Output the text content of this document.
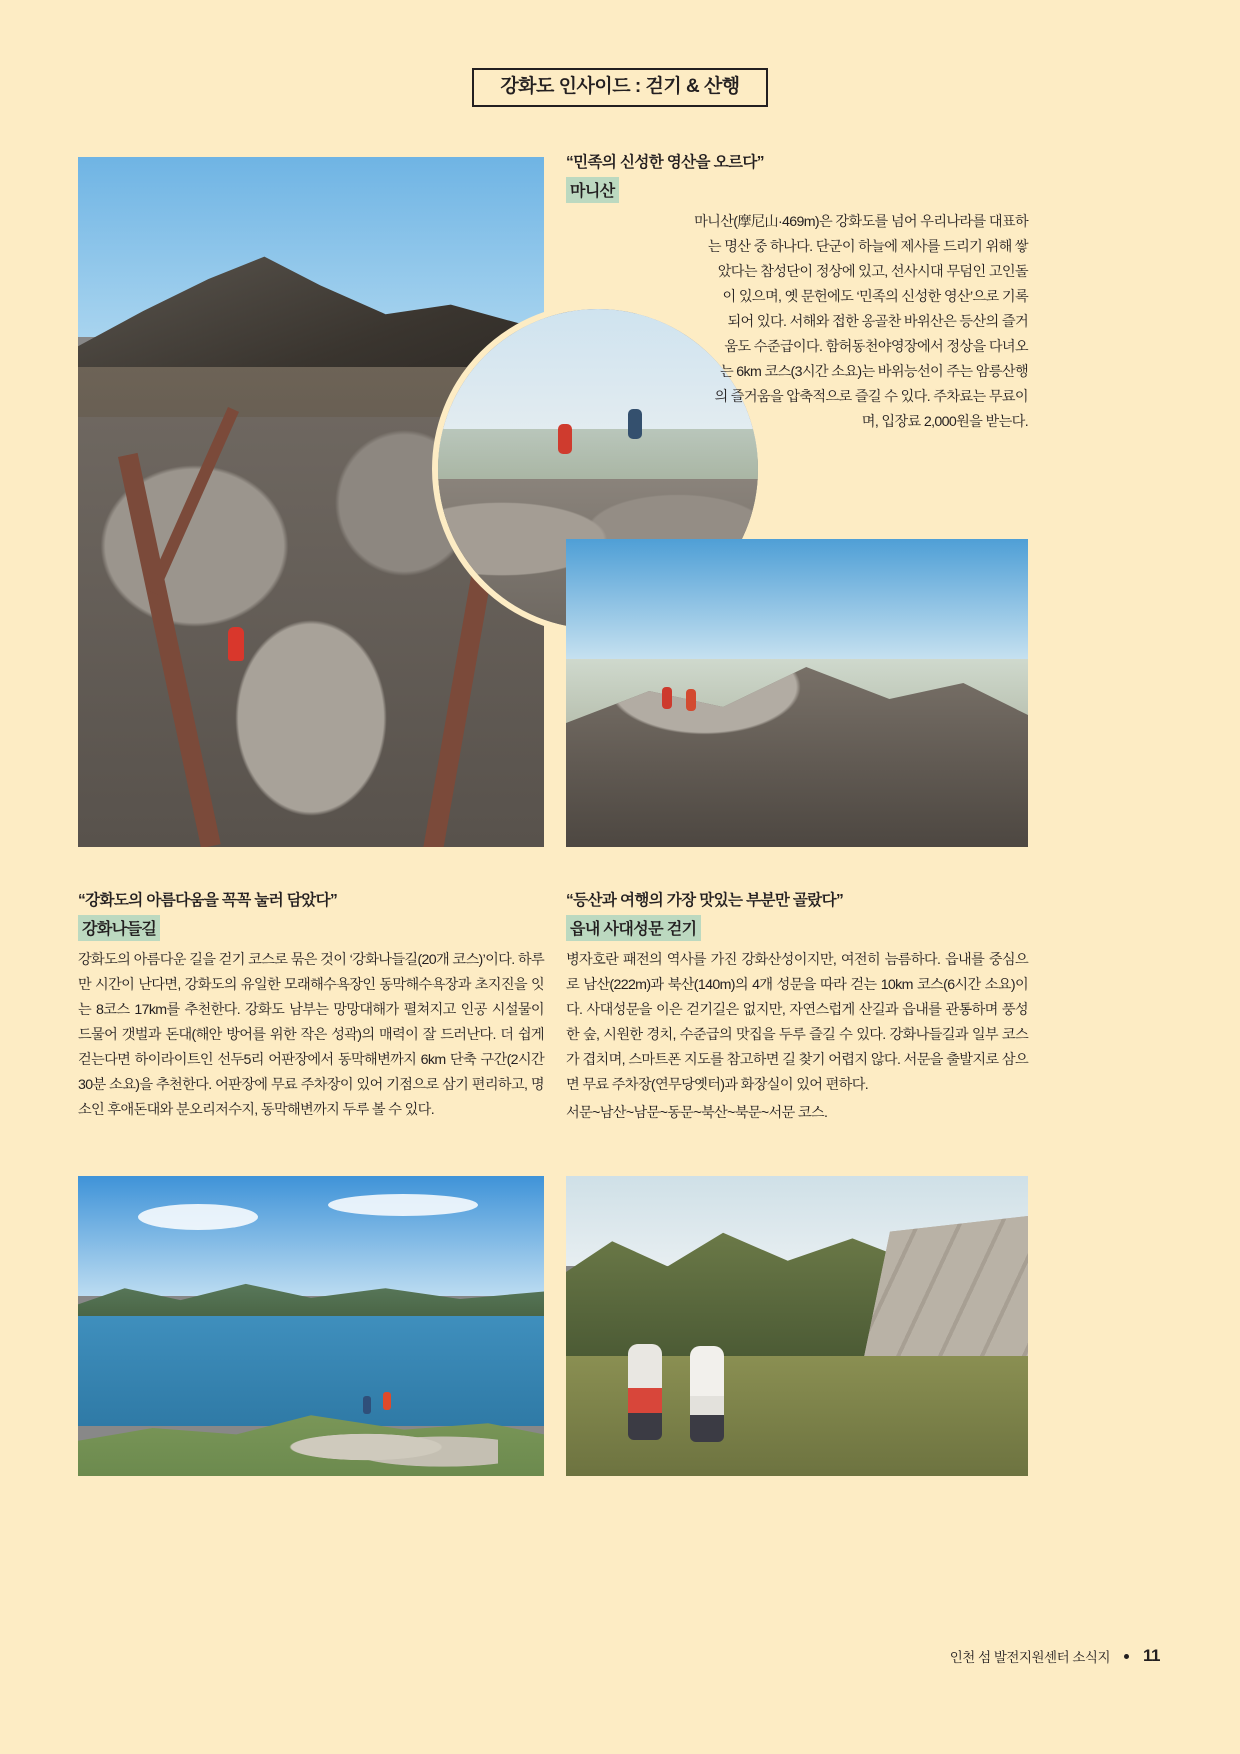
강화도 인사이드 : 걷기 & 산행

“민족의 신성한 영산을 오르다”

마니산

마니산(摩尼山·469m)은 강화도를 넘어 우리나라를 대표하는 명산 중 하나다. 단군이 하늘에 제사를 드리기 위해 쌓았다는 참성단이 정상에 있고, 선사시대 무덤인 고인돌이 있으며, 옛 문헌에도 ‘민족의 신성한 영산’으로 기록되어 있다. 서해와 접한 옹골찬 바위산은 등산의 즐거움도 수준급이다. 함허동천야영장에서 정상을 다녀오는 6km 코스(3시간 소요)는 바위능선이 주는 암릉산행의 즐거움을 압축적으로 즐길 수 있다. 주차료는 무료이며, 입장료 2,000원을 받는다.

“강화도의 아름다움을 꼭꼭 눌러 담았다”

강화나들길

강화도의 아름다운 길을 걷기 코스로 묶은 것이 ‘강화나들길(20개 코스)’이다. 하루만 시간이 난다면, 강화도의 유일한 모래해수욕장인 동막해수욕장과 초지진을 잇는 8코스 17km를 추천한다. 강화도 남부는 망망대해가 펼쳐지고 인공 시설물이 드물어 갯벌과 돈대(해안 방어를 위한 작은 성곽)의 매력이 잘 드러난다. 더 쉽게 걷는다면 하이라이트인 선두5리 어판장에서 동막해변까지 6km 단축 구간(2시간 30분 소요)을 추천한다. 어판장에 무료 주차장이 있어 기점으로 삼기 편리하고, 명소인 후애돈대와 분오리저수지, 동막해변까지 두루 볼 수 있다.

“등산과 여행의 가장 맛있는 부분만 골랐다”

읍내 사대성문 걷기

병자호란 패전의 역사를 가진 강화산성이지만, 여전히 늠름하다. 읍내를 중심으로 남산(222m)과 북산(140m)의 4개 성문을 따라 걷는 10km 코스(6시간 소요)이다. 사대성문을 이은 걷기길은 없지만, 자연스럽게 산길과 읍내를 관통하며 풍성한 숲, 시원한 경치, 수준급의 맛집을 두루 즐길 수 있다. 강화나들길과 일부 코스가 겹치며, 스마트폰 지도를 참고하면 길 찾기 어렵지 않다. 서문을 출발지로 삼으면 무료 주차장(연무당옛터)과 화장실이 있어 편하다.

서문~남산~남문~동문~북산~북문~서문 코스.

인천 섬 발전지원센터 소식지 11
